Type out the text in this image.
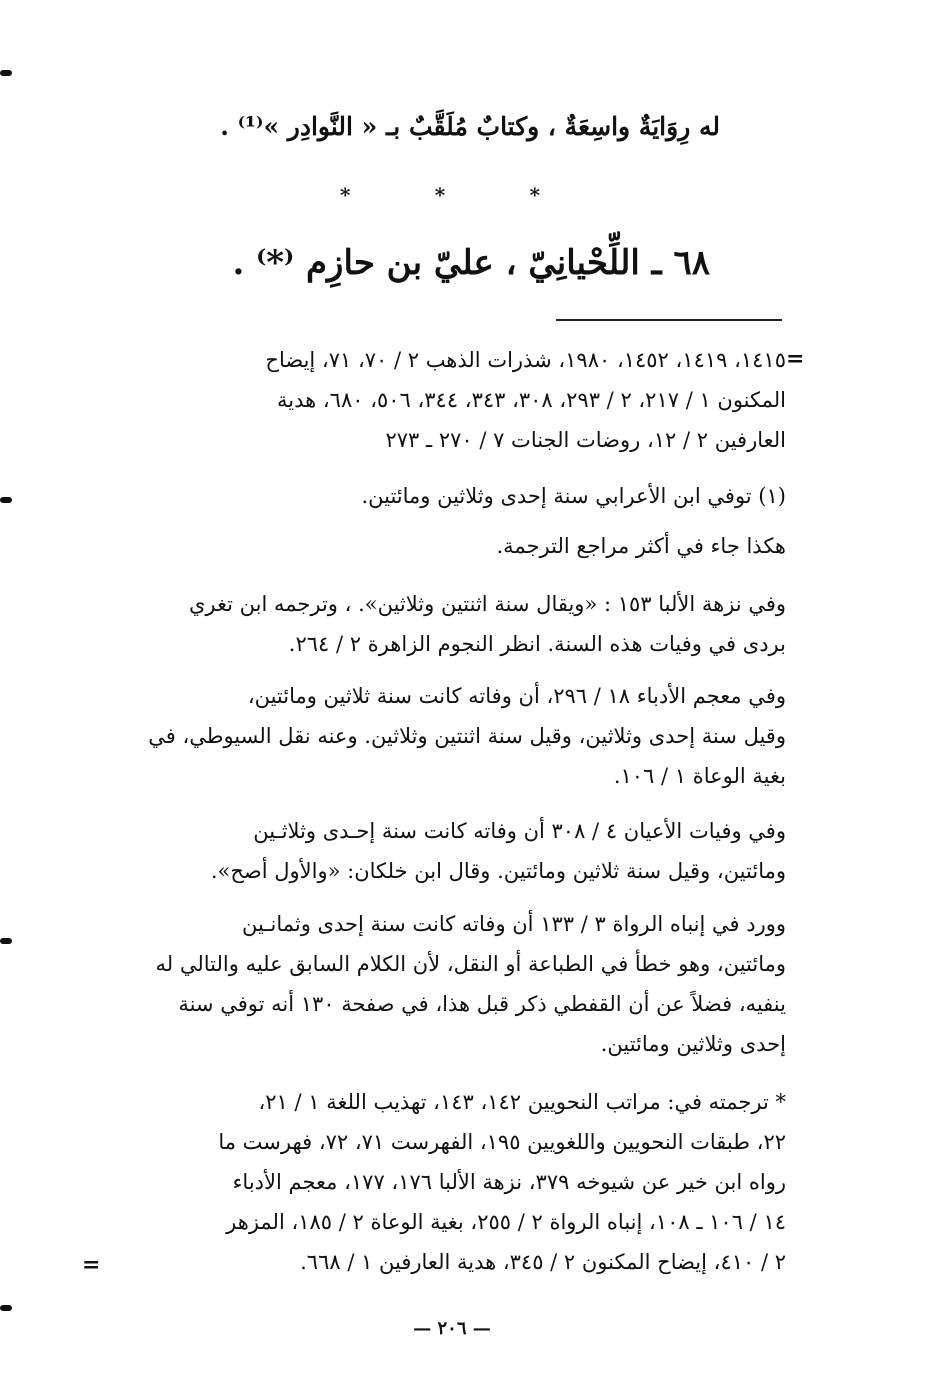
له رِوَايَةٌ واسِعَةٌ ، وكتابٌ مُلَقَّبٌ بـ « النَّوادِر »⁽¹⁾ .
*	*	*
٦٨ ـ اللِّحْيانِيّ ، عليّ بن حازِم ⁽*⁾ .
=
١٤١٥، ١٤١٩، ١٤٥٢، ١٩٨٠، شذرات الذهب ٢ / ٧٠، ٧١، إيضاح
المكنون ١ / ٢١٧، ٢ / ٢٩٣، ٣٠٨، ٣٤٣، ٣٤٤، ٥٠٦، ٦٨٠، هدية
العارفين ٢ / ١٢، روضات الجنات ٧ / ٢٧٠ ـ ٢٧٣
(١) توفي ابن الأعرابي سنة إحدى وثلاثين ومائتين.
هكذا جاء في أكثر مراجع الترجمة.
وفي نزهة الألبا ١٥٣ : «ويقال سنة اثنتين وثلاثين». ، وترجمه ابن تغري
بردى في وفيات هذه السنة. انظر النجوم الزاهرة ٢ / ٢٦٤.
وفي معجم الأدباء ١٨ / ٢٩٦، أن وفاته كانت سنة ثلاثين ومائتين،
وقيل سنة إحدى وثلاثين، وقيل سنة اثنتين وثلاثين. وعنه نقل السيوطي، في
بغية الوعاة ١ / ١٠٦.
وفي وفيات الأعيان ٤ / ٣٠٨ أن وفاته كانت سنة إحـدى وثلاثـين
ومائتين، وقيل سنة ثلاثين ومائتين. وقال ابن خلكان: «والأول أصح».
وورد في إنباه الرواة ٣ / ١٣٣ أن وفاته كانت سنة إحدى وثمانـين
ومائتين، وهو خطأ في الطباعة أو النقل، لأن الكلام السابق عليه والتالي له
ينفيه، فضلاً عن أن القفطي ذكر قبل هذا، في صفحة ١٣٠ أنه توفي سنة
إحدى وثلاثين ومائتين.
* ترجمته في: مراتب النحويين ١٤٢، ١٤٣، تهذيب اللغة ١ / ٢١،
٢٢، طبقات النحويين واللغويين ١٩٥، الفهرست ٧١، ٧٢، فهرست ما
رواه ابن خير عن شيوخه ٣٧٩، نزهة الألبا ١٧٦، ١٧٧، معجم الأدباء
١٤ / ١٠٦ ـ ١٠٨، إنباه الرواة ٢ / ٢٥٥، بغية الوعاة ٢ / ١٨٥، المزهر
٢ / ٤١٠، إيضاح المكنون ٢ / ٣٤٥، هدية العارفين ١ / ٦٦٨.
=
— ٢٠٦ —
